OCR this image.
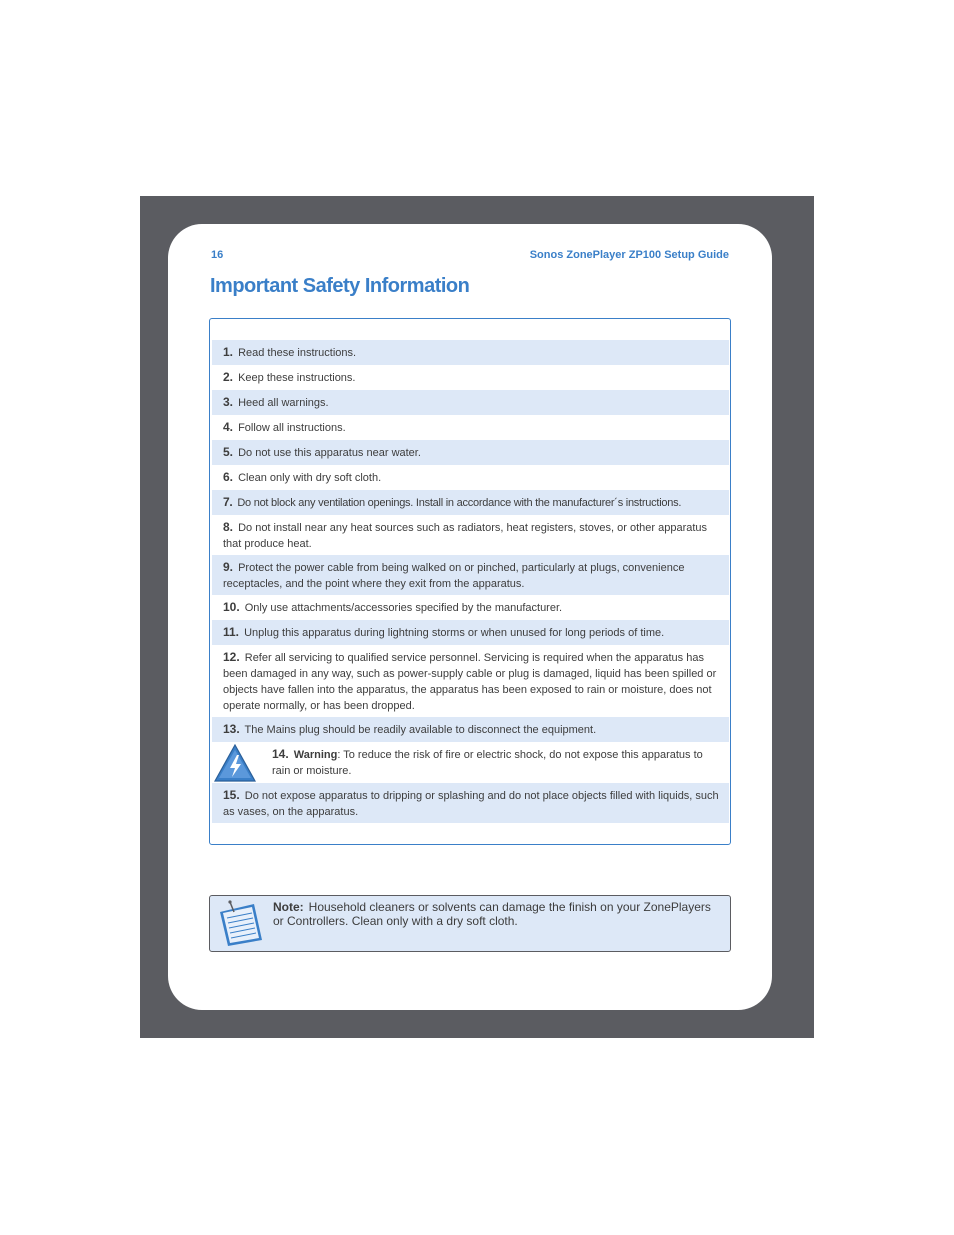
16	Sonos ZonePlayer ZP100 Setup Guide
Important Safety Information
1. Read these instructions.
2. Keep these instructions.
3. Heed all warnings.
4. Follow all instructions.
5. Do not use this apparatus near water.
6. Clean only with dry soft cloth.
7. Do not block any ventilation openings. Install in accordance with the manufacturer´s instructions.
8. Do not install near any heat sources such as radiators, heat registers, stoves, or other apparatus that produce heat.
9. Protect the power cable from being walked on or pinched, particularly at plugs, convenience receptacles, and the point where they exit from the apparatus.
10. Only use attachments/accessories specified by the manufacturer.
11. Unplug this apparatus during lightning storms or when unused for long periods of time.
12. Refer all servicing to qualified service personnel. Servicing is required when the apparatus has been damaged in any way, such as power-supply cable or plug is damaged, liquid has been spilled or objects have fallen into the apparatus, the apparatus has been exposed to rain or moisture, does not operate normally, or has been dropped.
13. The Mains plug should be readily available to disconnect the equipment.
14. Warning: To reduce the risk of fire or electric shock, do not expose this apparatus to rain or moisture.
15. Do not expose apparatus to dripping or splashing and do not place objects filled with liquids, such as vases, on the apparatus.
Note: Household cleaners or solvents can damage the finish on your ZonePlayers or Controllers. Clean only with a dry soft cloth.
